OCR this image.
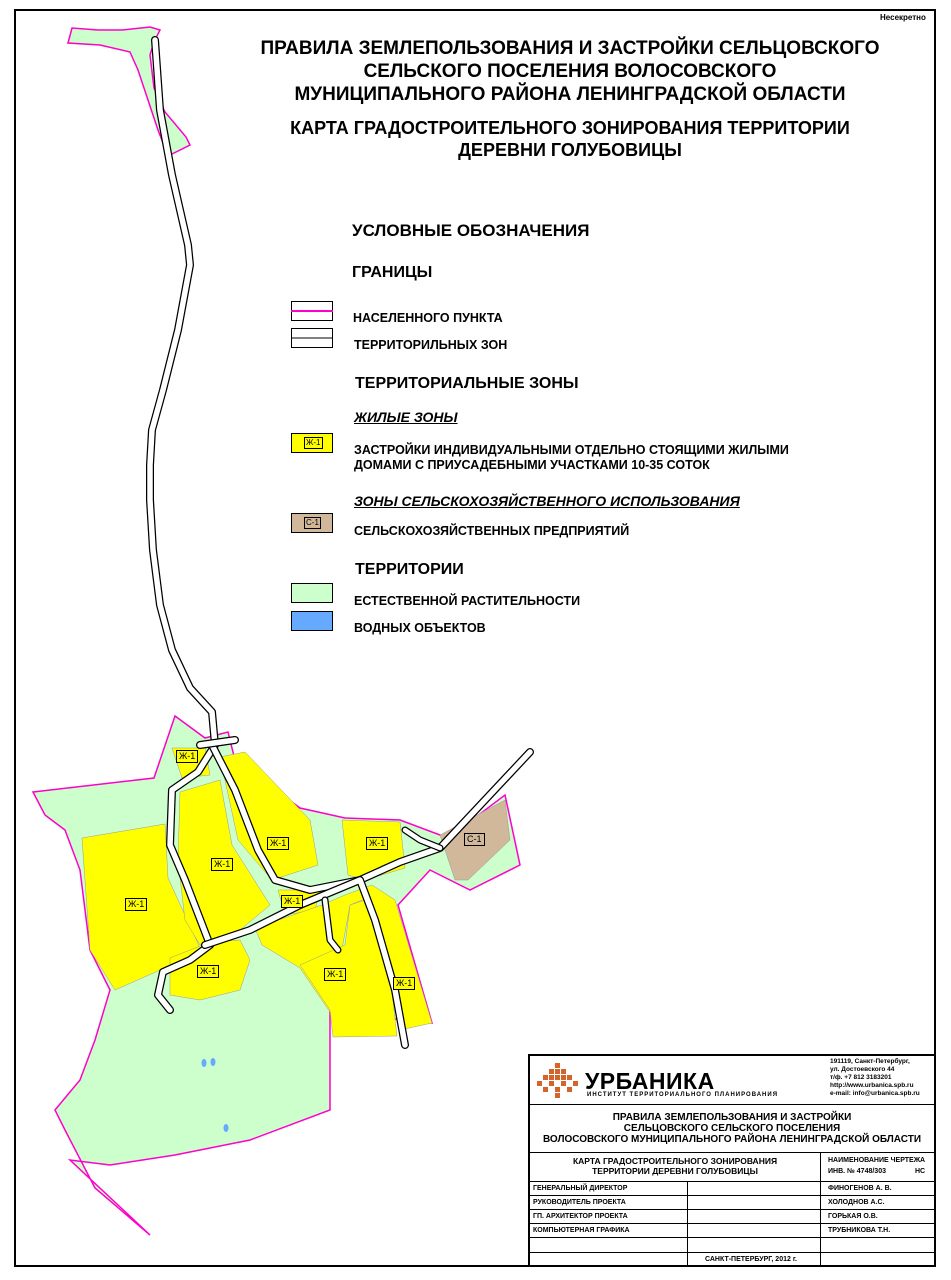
Несекретно
ПРАВИЛА ЗЕМЛЕПОЛЬЗОВАНИЯ И ЗАСТРОЙКИ СЕЛЬЦОВСКОГО
СЕЛЬСКОГО ПОСЕЛЕНИЯ ВОЛОСОВСКОГО
МУНИЦИПАЛЬНОГО РАЙОНА ЛЕНИНГРАДСКОЙ ОБЛАСТИ
КАРТА ГРАДОСТРОИТЕЛЬНОГО ЗОНИРОВАНИЯ ТЕРРИТОРИИ
ДЕРЕВНИ ГОЛУБОВИЦЫ
УСЛОВНЫЕ ОБОЗНАЧЕНИЯ
ГРАНИЦЫ
НАСЕЛЕННОГО ПУНКТА
ТЕРРИТОРИЛЬНЫХ ЗОН
ТЕРРИТОРИАЛЬНЫЕ ЗОНЫ
ЖИЛЫЕ ЗОНЫ
Ж-1
ЗАСТРОЙКИ ИНДИВИДУАЛЬНЫМИ ОТДЕЛЬНО СТОЯЩИМИ ЖИЛЫМИ
ДОМАМИ С ПРИУСАДЕБНЫМИ УЧАСТКАМИ 10-35 СОТОК
ЗОНЫ СЕЛЬСКОХОЗЯЙСТВЕННОГО ИСПОЛЬЗОВАНИЯ
С-1
СЕЛЬСКОХОЗЯЙСТВЕННЫХ ПРЕДПРИЯТИЙ
ТЕРРИТОРИИ
ЕСТЕСТВЕННОЙ РАСТИТЕЛЬНОСТИ
ВОДНЫХ ОБЪЕКТОВ
Ж-1
Ж-1	Ж-1	С-1
Ж-1
Ж-1
Ж-1
Ж-1	Ж-1
Ж-1
УРБАНИКА
ИНСТИТУТ ТЕРРИТОРИАЛЬНОГО ПЛАНИРОВАНИЯ
191119, Санкт-Петербург,
ул. Достоевского 44
т/ф. +7 812 3183201
http://www.urbanica.spb.ru
e-mail: info@urbanica.spb.ru
ПРАВИЛА ЗЕМЛЕПОЛЬЗОВАНИЯ И ЗАСТРОЙКИ
СЕЛЬЦОВСКОГО СЕЛЬСКОГО ПОСЕЛЕНИЯ
ВОЛОСОВСКОГО МУНИЦИПАЛЬНОГО РАЙОНА ЛЕНИНГРАДСКОЙ ОБЛАСТИ
КАРТА ГРАДОСТРОИТЕЛЬНОГО ЗОНИРОВАНИЯ
ТЕРРИТОРИИ ДЕРЕВНИ ГОЛУБОВИЦЫ
НАИМЕНОВАНИЕ ЧЕРТЕЖА
ИНВ. № 4748/303	НС
ГЕНЕРАЛЬНЫЙ ДИРЕКТОР	ФИНОГЕНОВ А. В.
РУКОВОДИТЕЛЬ ПРОЕКТА	ХОЛОДНОВ А.С.
ГП. АРХИТЕКТОР ПРОЕКТА	ГОРЬКАЯ О.В.
КОМПЬЮТЕРНАЯ ГРАФИКА	ТРУБНИКОВА Т.Н.
САНКТ-ПЕТЕРБУРГ, 2012 г.
